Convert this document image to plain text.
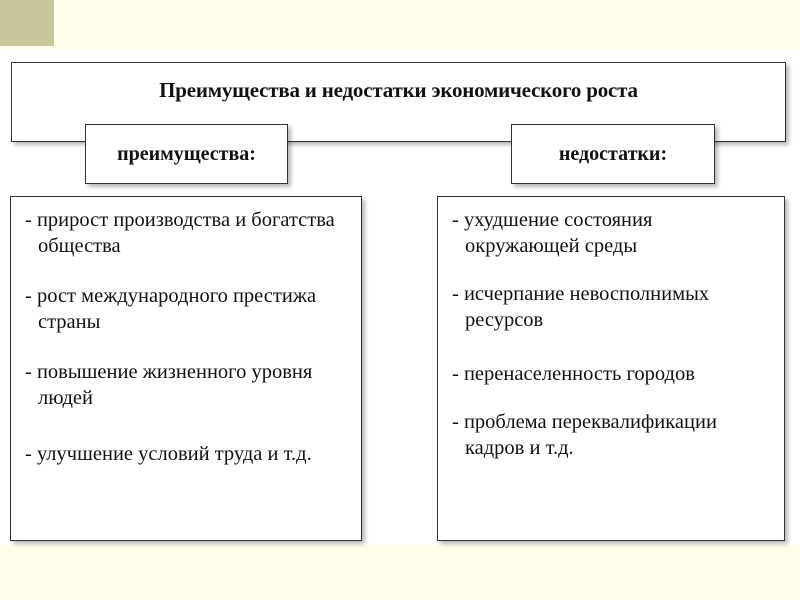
Преимущества и недостатки экономического роста
преимущества:	недостатки:
- прирост производства и богатства общества
- рост международного престижа страны
- повышение жизненного уровня людей
- улучшение условий труда и т.д.
- ухудшение состояния окружающей среды
- исчерпание невосполнимых ресурсов
- перенаселенность городов
- проблема переквалификации кадров и т.д.
